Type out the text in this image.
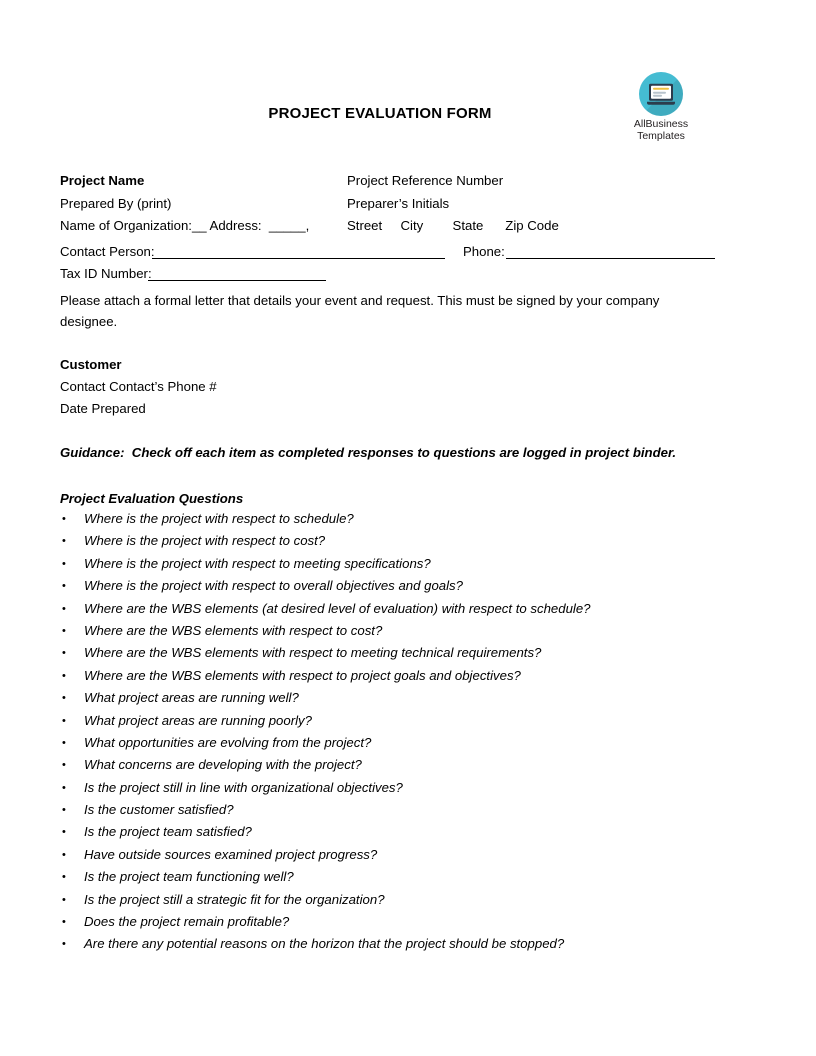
AllBusiness
Templates
PROJECT EVALUATION FORM
Project Name
Prepared By (print)
Name of Organization:__ Address:  _____,
Project Reference Number
Preparer’s Initials
Street     City        State      Zip Code
Contact Person:	Phone:
Tax ID Number:
Please attach a formal letter that details your event and request. This must be signed by your company designee.
Customer
Contact Contact’s Phone #
Date Prepared
Guidance:  Check off each item as completed responses to questions are logged in project binder.
Project Evaluation Questions
• Where is the project with respect to schedule?
• Where is the project with respect to cost?
• Where is the project with respect to meeting specifications?
• Where is the project with respect to overall objectives and goals?
• Where are the WBS elements (at desired level of evaluation) with respect to schedule?
• Where are the WBS elements with respect to cost?
• Where are the WBS elements with respect to meeting technical requirements?
• Where are the WBS elements with respect to project goals and objectives?
• What project areas are running well?
• What project areas are running poorly?
• What opportunities are evolving from the project?
• What concerns are developing with the project?
• Is the project still in line with organizational objectives?
• Is the customer satisfied?
• Is the project team satisfied?
• Have outside sources examined project progress?
• Is the project team functioning well?
• Is the project still a strategic fit for the organization?
• Does the project remain profitable?
• Are there any potential reasons on the horizon that the project should be stopped?
